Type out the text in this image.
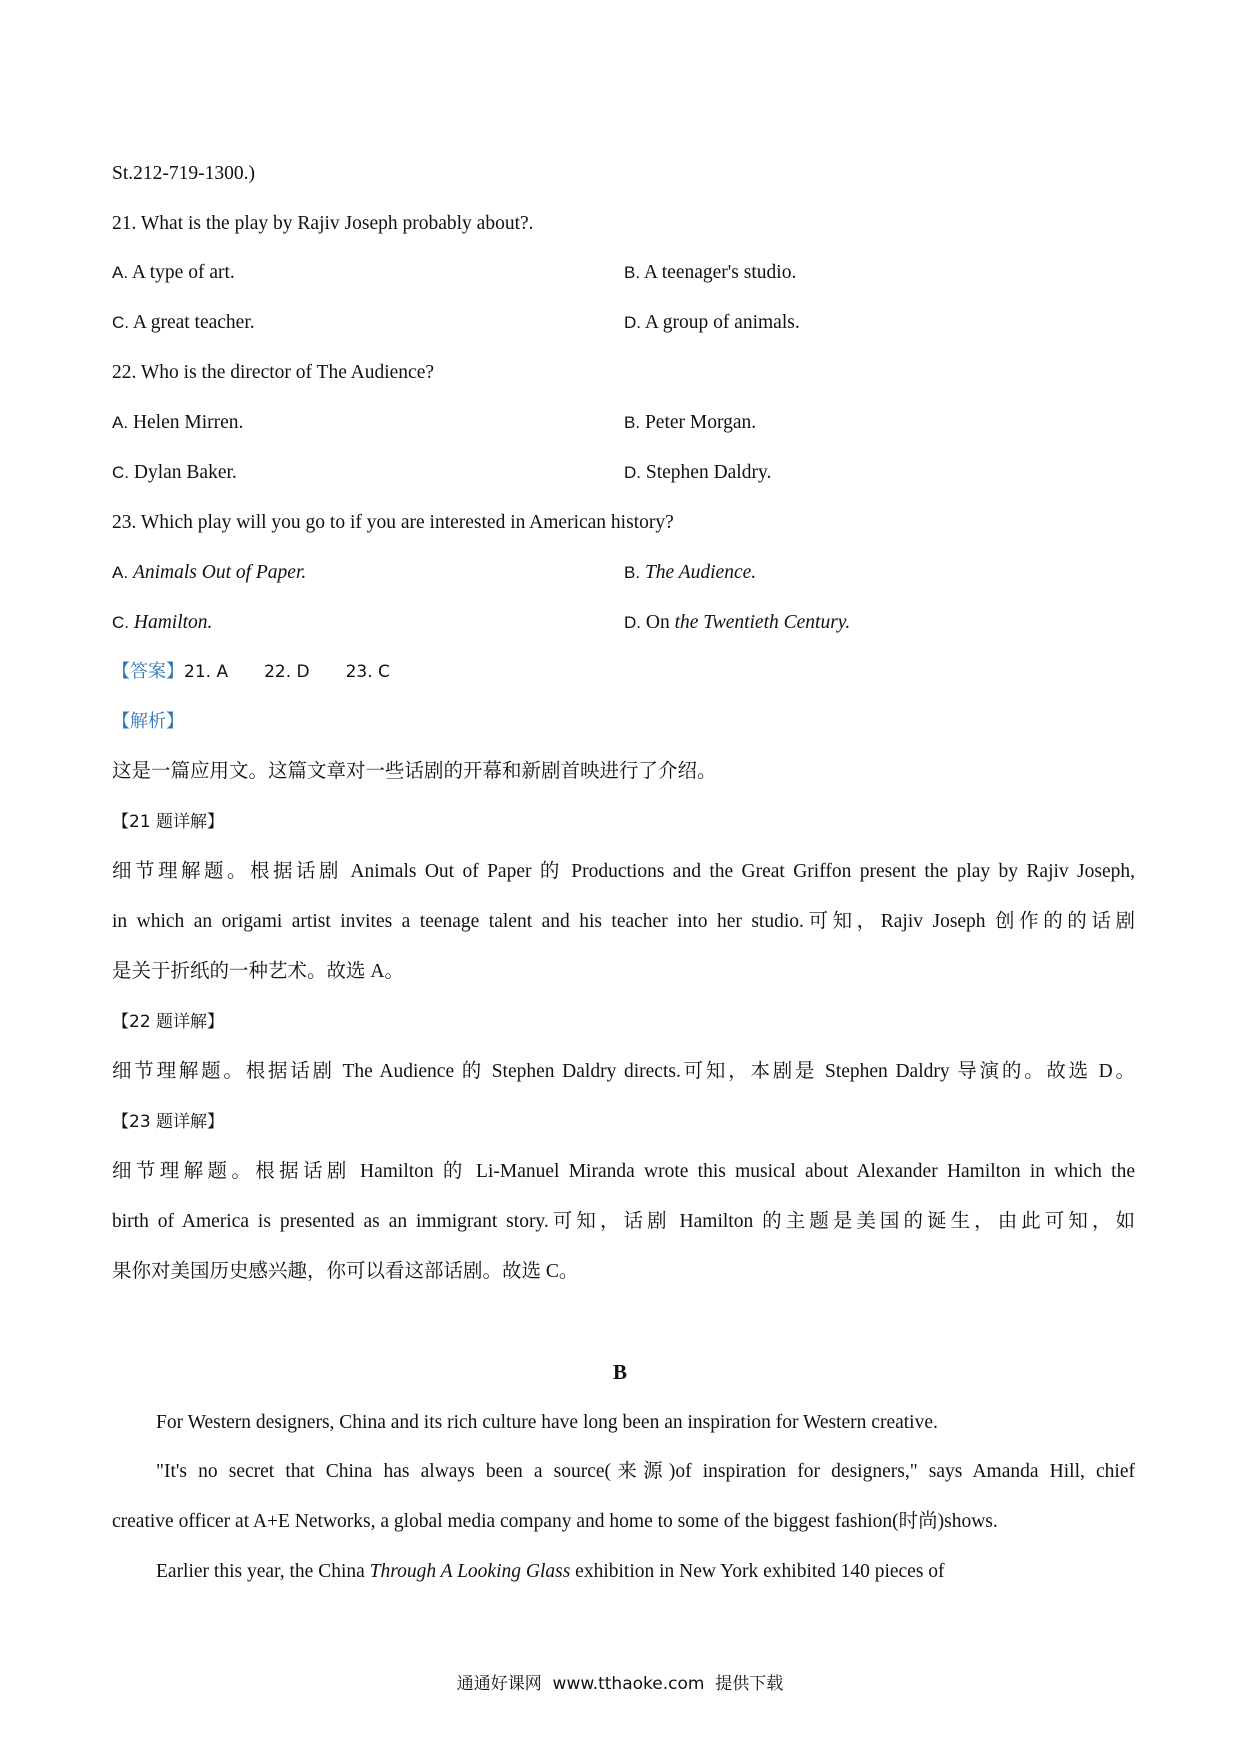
St.212-719-1300.)
21. What is the play by Rajiv Joseph probably about?.
A. A type of art.	B. A teenager's studio.
C. A great teacher.	D. A group of animals.
22. Who is the director of The Audience?
A. Helen Mirren.	B. Peter Morgan.
C. Dylan Baker.	D. Stephen Daldry.
23. Which play will you go to if you are interested in American history?
A. Animals Out of Paper.	B. The Audience.
C. Hamilton.	D. On the Twentieth Century.
【答案】21. A 22. D 23. C
【解析】
这是一篇应用文。这篇文章对一些话剧的开幕和新剧首映进行了介绍。
【21 题详解】
细节理解题。根据话剧 Animals Out of Paper 的 Productions and the Great Griffon present the play by Rajiv Joseph,
in which an origami artist invites a teenage talent and his teacher into her studio.可知，Rajiv Joseph 创作的的话剧
是关于折纸的一种艺术。故选 A。
【22 题详解】
细节理解题。根据话剧 The Audience 的 Stephen Daldry directs.可知，本剧是 Stephen Daldry 导演的。故选 D。
【23 题详解】
细节理解题。根据话剧 Hamilton 的 Li-Manuel Miranda wrote this musical about Alexander Hamilton in which the
birth of America is presented as an immigrant story.可知，话剧 Hamilton 的主题是美国的诞生，由此可知，如
果你对美国历史感兴趣，你可以看这部话剧。故选 C。
B
For Western designers, China and its rich culture have long been an inspiration for Western creative.
"It's no secret that China has always been a source(来源)of inspiration for designers," says Amanda Hill, chief
creative officer at A+E Networks, a global media company and home to some of the biggest fashion(时尚)shows.
Earlier this year, the China Through A Looking Glass exhibition in New York exhibited 140 pieces of
通通好课网  www.tthaoke.com  提供下载
